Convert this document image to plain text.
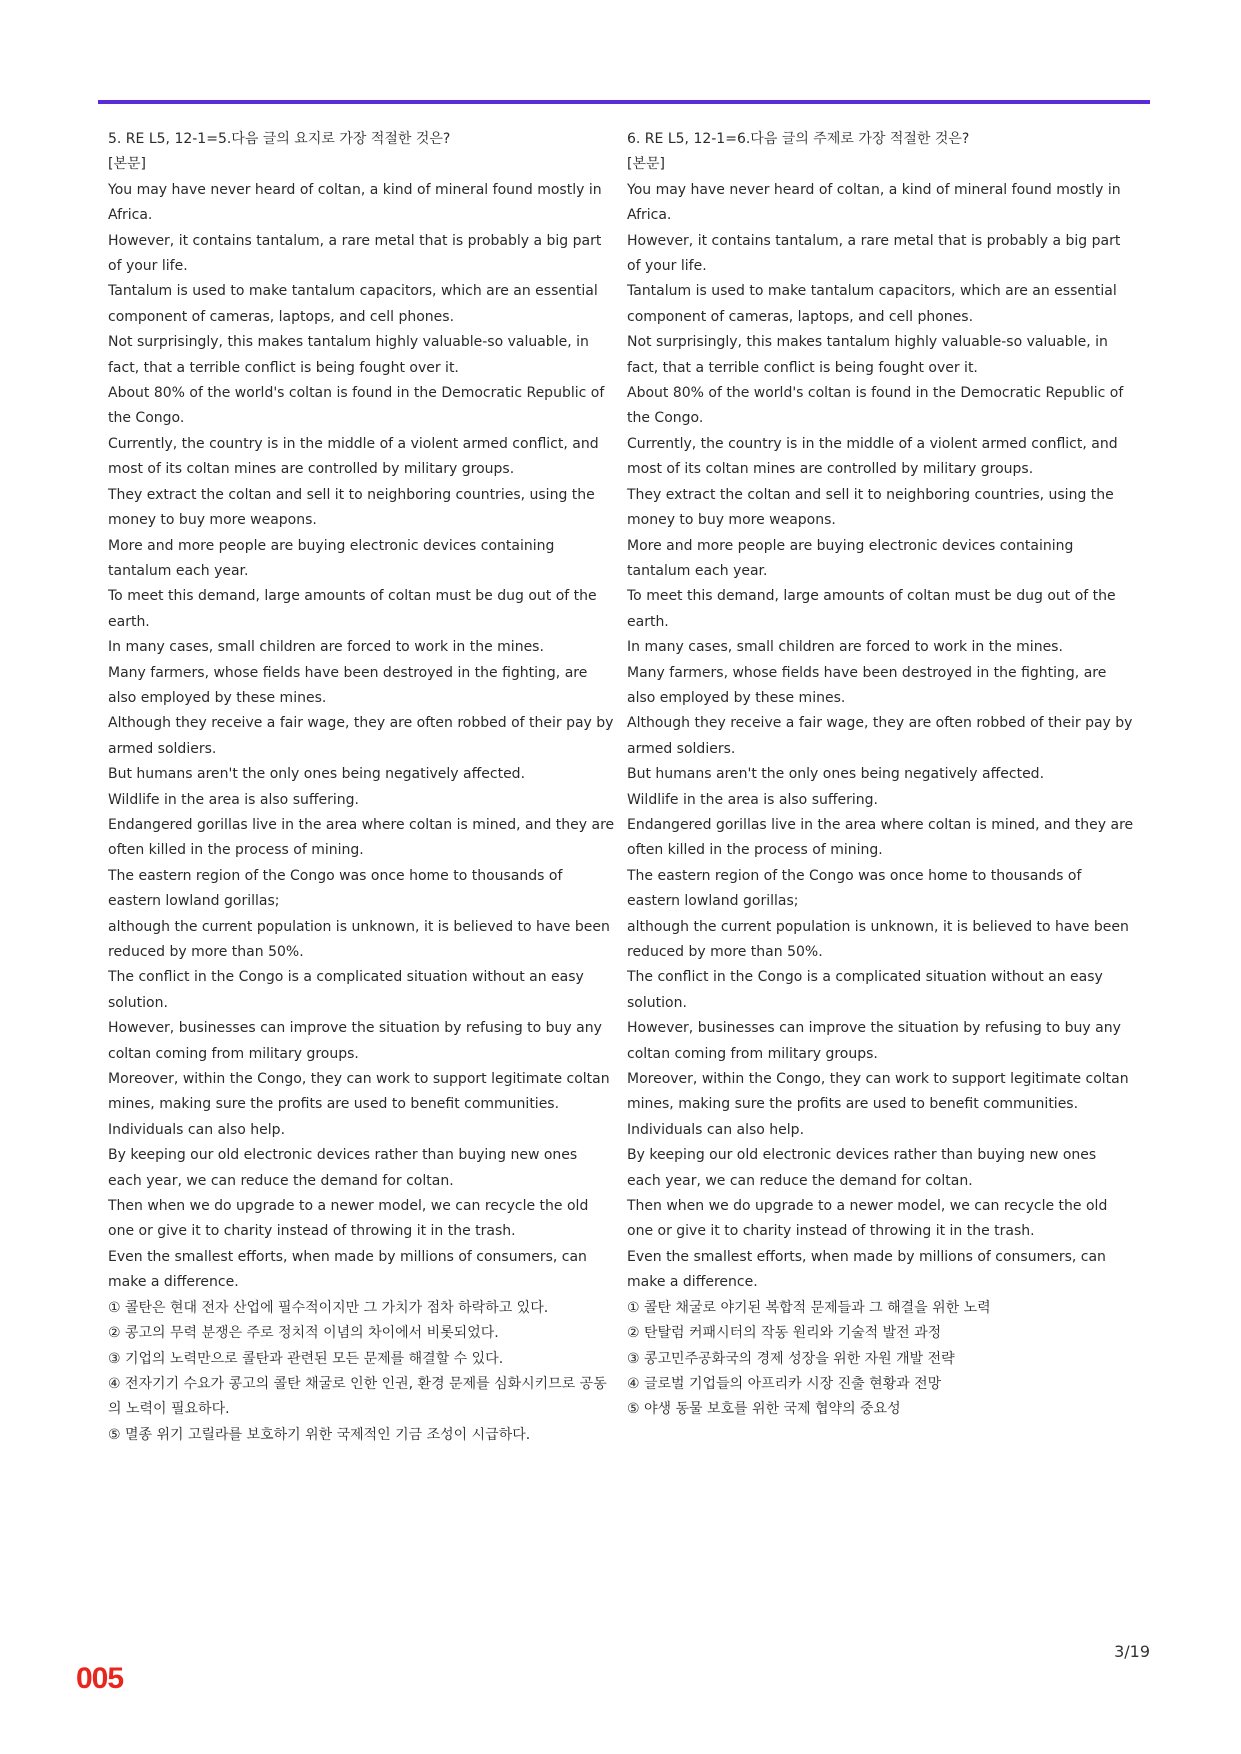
5. RE L5, 12-1=5.다음 글의 요지로 가장 적절한 것은?

[본문]

You may have never heard of coltan, a kind of mineral found mostly in Africa.

However, it contains tantalum, a rare metal that is probably a big part of your life.

Tantalum is used to make tantalum capacitors, which are an essential component of cameras, laptops, and cell phones.

Not surprisingly, this makes tantalum highly valuable-so valuable, in fact, that a terrible conflict is being fought over it.

About 80% of the world's coltan is found in the Democratic Republic of the Congo.

Currently, the country is in the middle of a violent armed conflict, and most of its coltan mines are controlled by military groups.

They extract the coltan and sell it to neighboring countries, using the money to buy more weapons.

More and more people are buying electronic devices containing tantalum each year.

To meet this demand, large amounts of coltan must be dug out of the earth.

In many cases, small children are forced to work in the mines.

Many farmers, whose fields have been destroyed in the fighting, are also employed by these mines.

Although they receive a fair wage, they are often robbed of their pay by armed soldiers.

But humans aren't the only ones being negatively affected.

Wildlife in the area is also suffering.

Endangered gorillas live in the area where coltan is mined, and they are often killed in the process of mining.

The eastern region of the Congo was once home to thousands of eastern lowland gorillas;

although the current population is unknown, it is believed to have been reduced by more than 50%.

The conflict in the Congo is a complicated situation without an easy solution.

However, businesses can improve the situation by refusing to buy any coltan coming from military groups.

Moreover, within the Congo, they can work to support legitimate coltan mines, making sure the profits are used to benefit communities.

Individuals can also help.

By keeping our old electronic devices rather than buying new ones each year, we can reduce the demand for coltan.

Then when we do upgrade to a newer model, we can recycle the old one or give it to charity instead of throwing it in the trash.

Even the smallest efforts, when made by millions of consumers, can make a difference.

① 콜탄은 현대 전자 산업에 필수적이지만 그 가치가 점차 하락하고 있다.

② 콩고의 무력 분쟁은 주로 정치적 이념의 차이에서 비롯되었다.

③ 기업의 노력만으로 콜탄과 관련된 모든 문제를 해결할 수 있다.

④ 전자기기 수요가 콩고의 콜탄 채굴로 인한 인권, 환경 문제를 심화시키므로 공동의 노력이 필요하다.

⑤ 멸종 위기 고릴라를 보호하기 위한 국제적인 기금 조성이 시급하다.

6. RE L5, 12-1=6.다음 글의 주제로 가장 적절한 것은?

[본문]

You may have never heard of coltan, a kind of mineral found mostly in Africa.

However, it contains tantalum, a rare metal that is probably a big part of your life.

Tantalum is used to make tantalum capacitors, which are an essential component of cameras, laptops, and cell phones.

Not surprisingly, this makes tantalum highly valuable-so valuable, in fact, that a terrible conflict is being fought over it.

About 80% of the world's coltan is found in the Democratic Republic of the Congo.

Currently, the country is in the middle of a violent armed conflict, and most of its coltan mines are controlled by military groups.

They extract the coltan and sell it to neighboring countries, using the money to buy more weapons.

More and more people are buying electronic devices containing tantalum each year.

To meet this demand, large amounts of coltan must be dug out of the earth.

In many cases, small children are forced to work in the mines.

Many farmers, whose fields have been destroyed in the fighting, are also employed by these mines.

Although they receive a fair wage, they are often robbed of their pay by armed soldiers.

But humans aren't the only ones being negatively affected.

Wildlife in the area is also suffering.

Endangered gorillas live in the area where coltan is mined, and they are often killed in the process of mining.

The eastern region of the Congo was once home to thousands of eastern lowland gorillas;

although the current population is unknown, it is believed to have been reduced by more than 50%.

The conflict in the Congo is a complicated situation without an easy solution.

However, businesses can improve the situation by refusing to buy any coltan coming from military groups.

Moreover, within the Congo, they can work to support legitimate coltan mines, making sure the profits are used to benefit communities.

Individuals can also help.

By keeping our old electronic devices rather than buying new ones each year, we can reduce the demand for coltan.

Then when we do upgrade to a newer model, we can recycle the old one or give it to charity instead of throwing it in the trash.

Even the smallest efforts, when made by millions of consumers, can make a difference.

① 콜탄 채굴로 야기된 복합적 문제들과 그 해결을 위한 노력

② 탄탈럼 커패시터의 작동 원리와 기술적 발전 과정

③ 콩고민주공화국의 경제 성장을 위한 자원 개발 전략

④ 글로벌 기업들의 아프리카 시장 진출 현황과 전망

⑤ 야생 동물 보호를 위한 국제 협약의 중요성

3/19
005
